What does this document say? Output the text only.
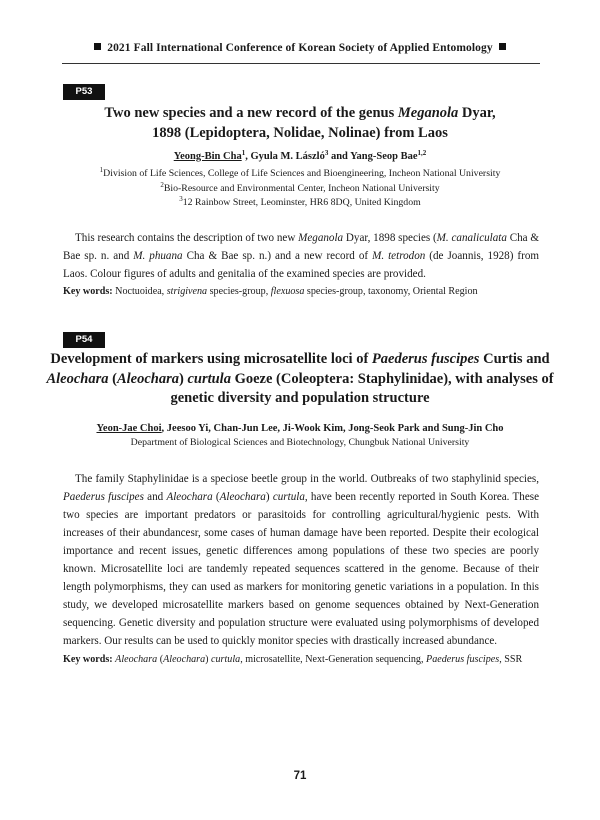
2021 Fall International Conference of Korean Society of Applied Entomology
P53
Two new species and a new record of the genus Meganola Dyar,
1898 (Lepidoptera, Nolidae, Nolinae) from Laos
Yeong-Bin Cha$^1$, Gyula M. László$^3$ and Yang-Seop Bae$^{1,2}$
$^1$Division of Life Sciences, College of Life Sciences and Bioengineering, Incheon National University
$^2$Bio-Resource and Environmental Center, Incheon National University
$^3$12 Rainbow Street, Leominster, HR6 8DQ, United Kingdom

This research contains the description of two new Meganola Dyar, 1898 species (M. canaliculata Cha & Bae sp. n. and M. phuana Cha & Bae sp. n.) and a new record of M. tetrodon (de Joannis, 1928) from Laos. Colour figures of adults and genitalia of the examined species are provided.

Key words: Noctuoidea, strigivena species-group, flexuosa species-group, taxonomy, Oriental Region
P54
Development of markers using microsatellite loci of Paederus fuscipes Curtis and
Aleochara (Aleochara) curtula Goeze (Coleoptera: Staphylinidae), with analyses of
genetic diversity and population structure
Yeon-Jae Choi, Jeesoo Yi, Chan-Jun Lee, Ji-Wook Kim, Jong-Seok Park and Sung-Jin Cho
Department of Biological Sciences and Biotechnology, Chungbuk National University

The family Staphylinidae is a speciose beetle group in the world. Outbreaks of two staphylinid species, Paederus fuscipes and Aleochara (Aleochara) curtula, have been recently reported in South Korea. These two species are important predators or parasitoids for controlling agricultural/hygienic pests. With increases of their abundancesr, some cases of human damage have been reported. Despite their ecological importance and recent issues, genetic differences among populations of these two species are poorly known. Microsatellite loci are tandemly repeated sequences scattered in the genome. Because of their length polymorphisms, they can used as markers for monitoring genetic variations in a population. In this study, we developed microsatellite markers based on genome sequences obtained by Next-Generation sequencing. Genetic diversity and population structure were evaluated using polymorphisms of developed markers. Our results can be used to quickly monitor species with drastically increased abundance.

Key words: Aleochara (Aleochara) curtula, microsatellite, Next-Generation sequencing, Paederus fuscipes, SSR
71
